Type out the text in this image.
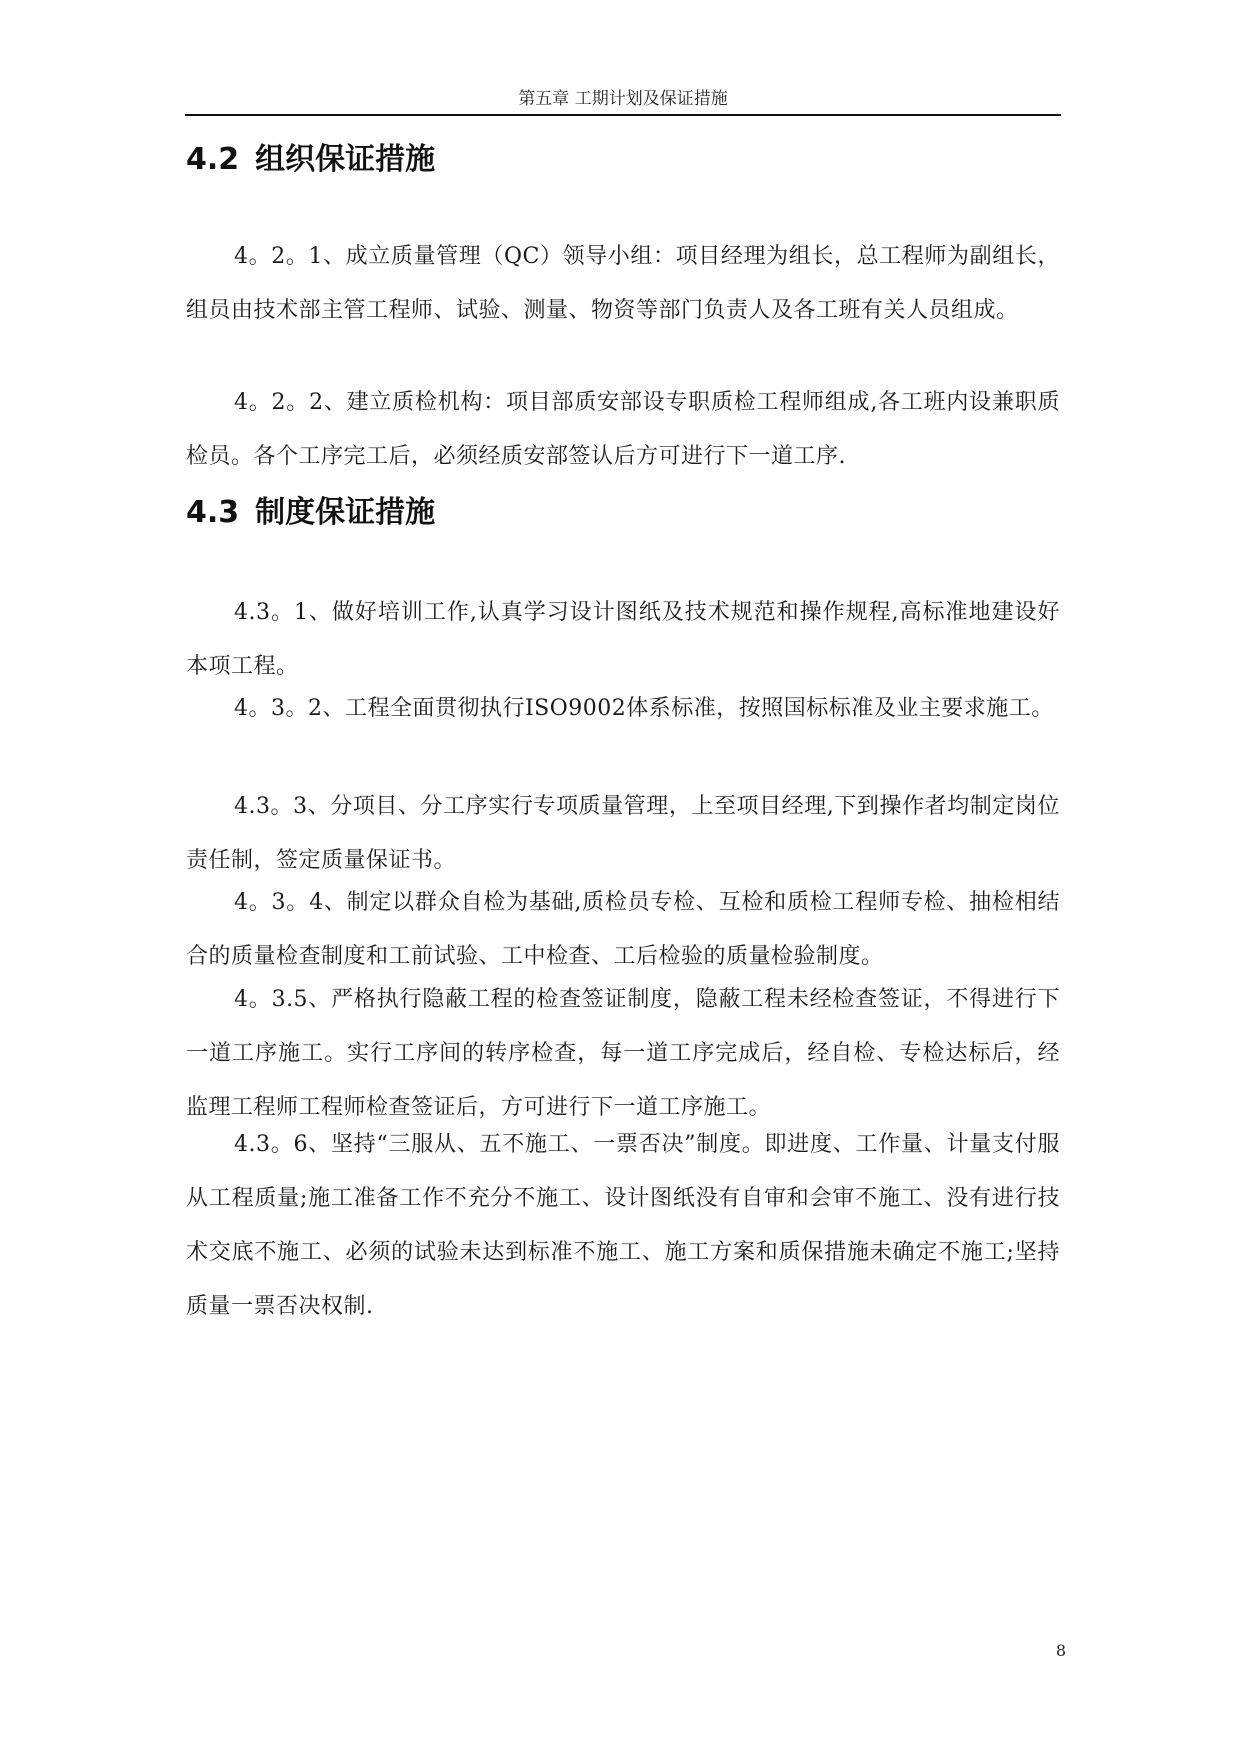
第五章 工期计划及保证措施
4.2 组织保证措施

4。2。1、成立质量管理（QC）领导小组：项目经理为组长，总工程师为副组长，组员由技术部主管工程师、试验、测量、物资等部门负责人及各工班有关人员组成。

4。2。2、建立质检机构：项目部质安部设专职质检工程师组成,各工班内设兼职质检员。各个工序完工后，必须经质安部签认后方可进行下一道工序.

4.3 制度保证措施

4.3。1、做好培训工作,认真学习设计图纸及技术规范和操作规程,高标准地建设好本项工程。

4。3。2、工程全面贯彻执行ISO9002体系标准，按照国标标准及业主要求施工。

4.3。3、分项目、分工序实行专项质量管理，上至项目经理,下到操作者均制定岗位责任制，签定质量保证书。

4。3。4、制定以群众自检为基础,质检员专检、互检和质检工程师专检、抽检相结合的质量检查制度和工前试验、工中检查、工后检验的质量检验制度。

4。3.5、严格执行隐蔽工程的检查签证制度，隐蔽工程未经检查签证，不得进行下一道工序施工。实行工序间的转序检查，每一道工序完成后，经自检、专检达标后，经监理工程师工程师检查签证后，方可进行下一道工序施工。

4.3。6、坚持“三服从、五不施工、一票否决”制度。即进度、工作量、计量支付服从工程质量;施工准备工作不充分不施工、设计图纸没有自审和会审不施工、没有进行技术交底不施工、必须的试验未达到标准不施工、施工方案和质保措施未确定不施工;坚持质量一票否决权制.

8
